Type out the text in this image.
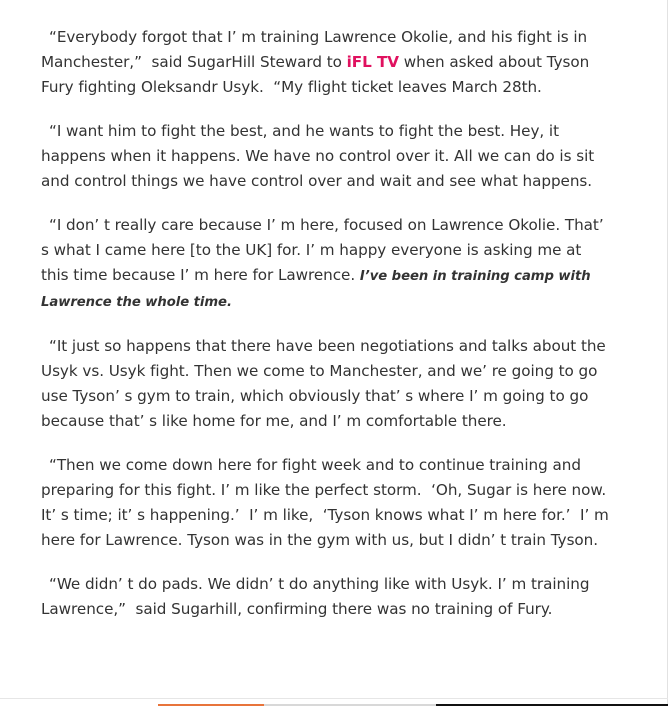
“Everybody forgot that I’ m training Lawrence Okolie, and his fight is in Manchester,”  said SugarHill Steward to iFL TV when asked about Tyson Fury fighting Oleksandr Usyk.  “My flight ticket leaves March 28th.

“I want him to fight the best, and he wants to fight the best. Hey, it happens when it happens. We have no control over it. All we can do is sit and control things we have control over and wait and see what happens.

“I don’ t really care because I’ m here, focused on Lawrence Okolie. That’ s what I came here [to the UK] for. I’ m happy everyone is asking me at this time because I’ m here for Lawrence. I’ve been in training camp with Lawrence the whole time.

“It just so happens that there have been negotiations and talks about the Usyk vs. Usyk fight. Then we come to Manchester, and we’ re going to go use Tyson’ s gym to train, which obviously that’ s where I’ m going to go because that’ s like home for me, and I’ m comfortable there.

“Then we come down here for fight week and to continue training and preparing for this fight. I’ m like the perfect storm.  ‘Oh, Sugar is here now. It’ s time; it’ s happening.’  I’ m like,  ‘Tyson knows what I’ m here for.’  I’ m here for Lawrence. Tyson was in the gym with us, but I didn’ t train Tyson.

“We didn’ t do pads. We didn’ t do anything like with Usyk. I’ m training Lawrence,”  said Sugarhill, confirming there was no training of Fury.
